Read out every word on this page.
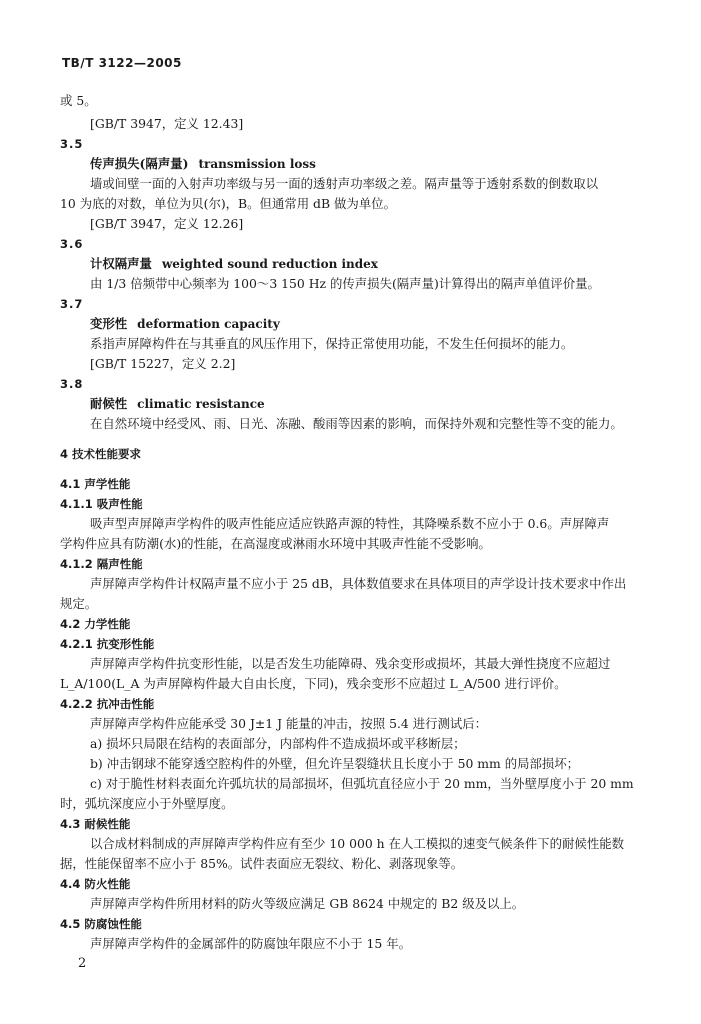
TB/T 3122—2005
或 5。
[GB/T 3947，定义 12.43]
3.5
传声损失(隔声量) transmission loss
墙或间壁一面的入射声功率级与另一面的透射声功率级之差。隔声量等于透射系数的倒数取以
10 为底的对数，单位为贝(尔)，B。但通常用 dB 做为单位。
[GB/T 3947，定义 12.26]
3.6
计权隔声量 weighted sound reduction index
由 1/3 倍频带中心频率为 100～3 150 Hz 的传声损失(隔声量)计算得出的隔声单值评价量。
3.7
变形性 deformation capacity
系指声屏障构件在与其垂直的风压作用下，保持正常使用功能，不发生任何损坏的能力。
[GB/T 15227，定义 2.2]
3.8
耐候性 climatic resistance
在自然环境中经受风、雨、日光、冻融、酸雨等因素的影响，而保持外观和完整性等不变的能力。
4 技术性能要求
4.1 声学性能
4.1.1 吸声性能
吸声型声屏障声学构件的吸声性能应适应铁路声源的特性，其降噪系数不应小于 0.6。声屏障声
学构件应具有防潮(水)的性能，在高湿度或淋雨水环境中其吸声性能不受影响。
4.1.2 隔声性能
声屏障声学构件计权隔声量不应小于 25 dB，具体数值要求在具体项目的声学设计技术要求中作出
规定。
4.2 力学性能
4.2.1 抗变形性能
声屏障声学构件抗变形性能，以是否发生功能障碍、残余变形或损坏，其最大弹性挠度不应超过
L_A/100(L_A 为声屏障构件最大自由长度，下同)，残余变形不应超过 L_A/500 进行评价。
4.2.2 抗冲击性能
声屏障声学构件应能承受 30 J±1 J 能量的冲击，按照 5.4 进行测试后：
a) 损坏只局限在结构的表面部分，内部构件不造成损坏或平移断层；
b) 冲击钢球不能穿透空腔构件的外壁，但允许呈裂缝状且长度小于 50 mm 的局部损坏；
c) 对于脆性材料表面允许弧坑状的局部损坏，但弧坑直径应小于 20 mm，当外壁厚度小于 20 mm
时，弧坑深度应小于外壁厚度。
4.3 耐候性能
以合成材料制成的声屏障声学构件应有至少 10 000 h 在人工模拟的速变气候条件下的耐候性能数
据，性能保留率不应小于 85%。试件表面应无裂纹、粉化、剥落现象等。
4.4 防火性能
声屏障声学构件所用材料的防火等级应满足 GB 8624 中规定的 B2 级及以上。
4.5 防腐蚀性能
声屏障声学构件的金属部件的防腐蚀年限应不小于 15 年。
2
